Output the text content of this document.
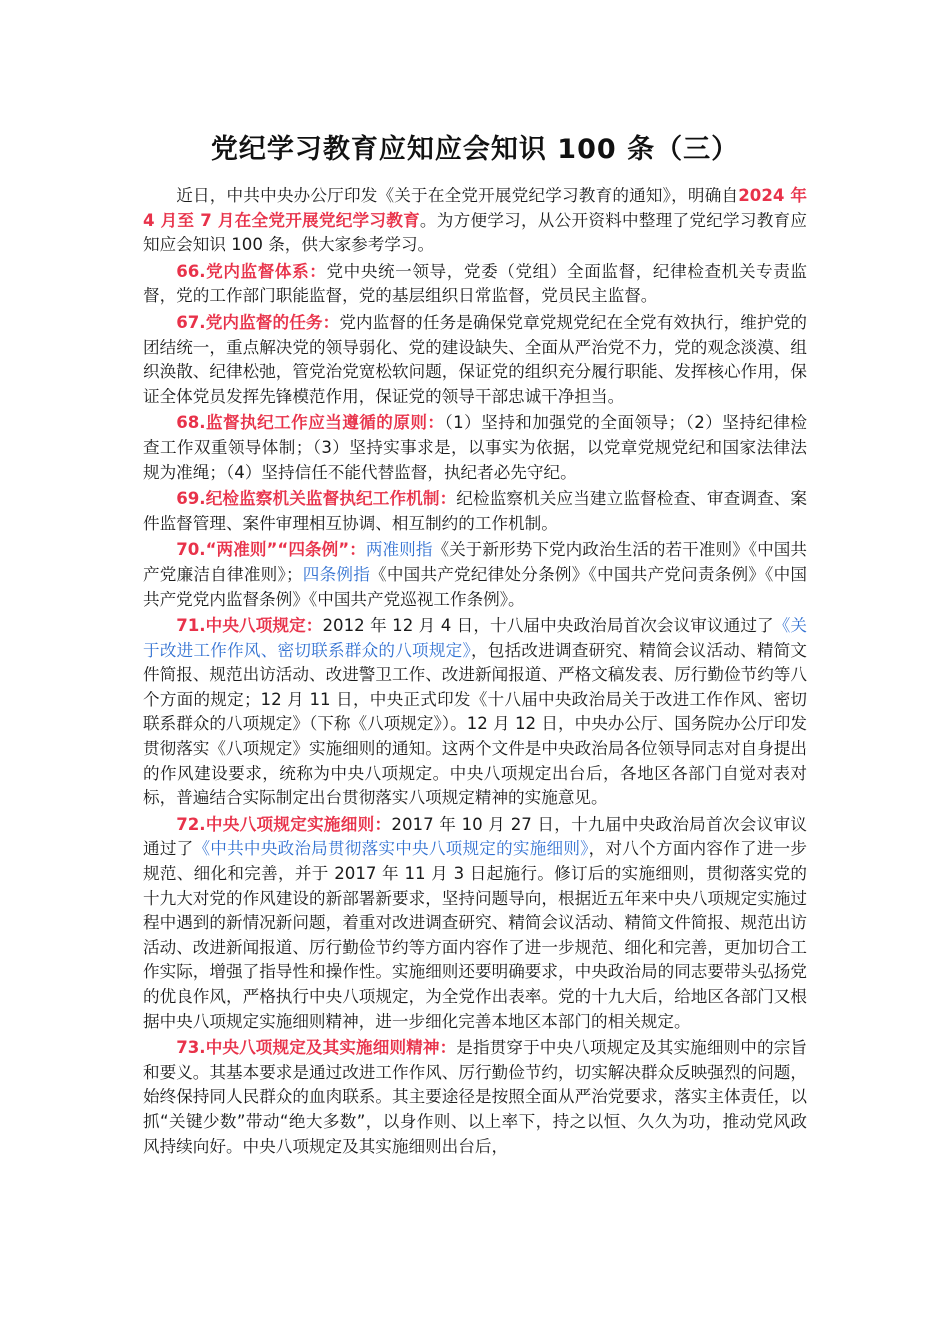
党纪学习教育应知应会知识 100 条（三）

近日，中共中央办公厅印发《关于在全党开展党纪学习教育的通知》，明确自2024 年 4 月至 7 月在全党开展党纪学习教育。为方便学习，从公开资料中整理了党纪学习教育应知应会知识 100 条，供大家参考学习。

66.党内监督体系：党中央统一领导，党委（党组）全面监督，纪律检查机关专责监督，党的工作部门职能监督，党的基层组织日常监督，党员民主监督。

67.党内监督的任务：党内监督的任务是确保党章党规党纪在全党有效执行，维护党的团结统一，重点解决党的领导弱化、党的建设缺失、全面从严治党不力，党的观念淡漠、组织涣散、纪律松弛，管党治党宽松软问题，保证党的组织充分履行职能、发挥核心作用，保证全体党员发挥先锋模范作用，保证党的领导干部忠诚干净担当。

68.监督执纪工作应当遵循的原则：（1）坚持和加强党的全面领导；（2）坚持纪律检查工作双重领导体制；（3）坚持实事求是，以事实为依据，以党章党规党纪和国家法律法规为准绳；（4）坚持信任不能代替监督，执纪者必先守纪。

69.纪检监察机关监督执纪工作机制：纪检监察机关应当建立监督检查、审查调查、案件监督管理、案件审理相互协调、相互制约的工作机制。

70.“两准则”“四条例”：两准则指《关于新形势下党内政治生活的若干准则》《中国共产党廉洁自律准则》；四条例指《中国共产党纪律处分条例》《中国共产党问责条例》《中国共产党党内监督条例》《中国共产党巡视工作条例》。

71.中央八项规定：2012 年 12 月 4 日，十八届中央政治局首次会议审议通过了《关于改进工作作风、密切联系群众的八项规定》，包括改进调查研究、精简会议活动、精简文件简报、规范出访活动、改进警卫工作、改进新闻报道、严格文稿发表、厉行勤俭节约等八个方面的规定；12 月 11 日，中央正式印发《十八届中央政治局关于改进工作作风、密切联系群众的八项规定》（下称《八项规定》）。12 月 12 日，中央办公厅、国务院办公厅印发贯彻落实《八项规定》实施细则的通知。这两个文件是中央政治局各位领导同志对自身提出的作风建设要求，统称为中央八项规定。中央八项规定出台后，各地区各部门自觉对表对标，普遍结合实际制定出台贯彻落实八项规定精神的实施意见。

72.中央八项规定实施细则：2017 年 10 月 27 日，十九届中央政治局首次会议审议通过了《中共中央政治局贯彻落实中央八项规定的实施细则》，对八个方面内容作了进一步规范、细化和完善，并于 2017 年 11 月 3 日起施行。修订后的实施细则，贯彻落实党的十九大对党的作风建设的新部署新要求，坚持问题导向，根据近五年来中央八项规定实施过程中遇到的新情况新问题，着重对改进调查研究、精简会议活动、精简文件简报、规范出访活动、改进新闻报道、厉行勤俭节约等方面内容作了进一步规范、细化和完善，更加切合工作实际，增强了指导性和操作性。实施细则还要明确要求，中央政治局的同志要带头弘扬党的优良作风，严格执行中央八项规定，为全党作出表率。党的十九大后，给地区各部门又根据中央八项规定实施细则精神，进一步细化完善本地区本部门的相关规定。

73.中央八项规定及其实施细则精神：是指贯穿于中央八项规定及其实施细则中的宗旨和要义。其基本要求是通过改进工作作风、厉行勤俭节约，切实解决群众反映强烈的问题，始终保持同人民群众的血肉联系。其主要途径是按照全面从严治党要求，落实主体责任，以抓“关键少数”带动“绝大多数”，以身作则、以上率下，持之以恒、久久为功，推动党风政风持续向好。中央八项规定及其实施细则出台后，
